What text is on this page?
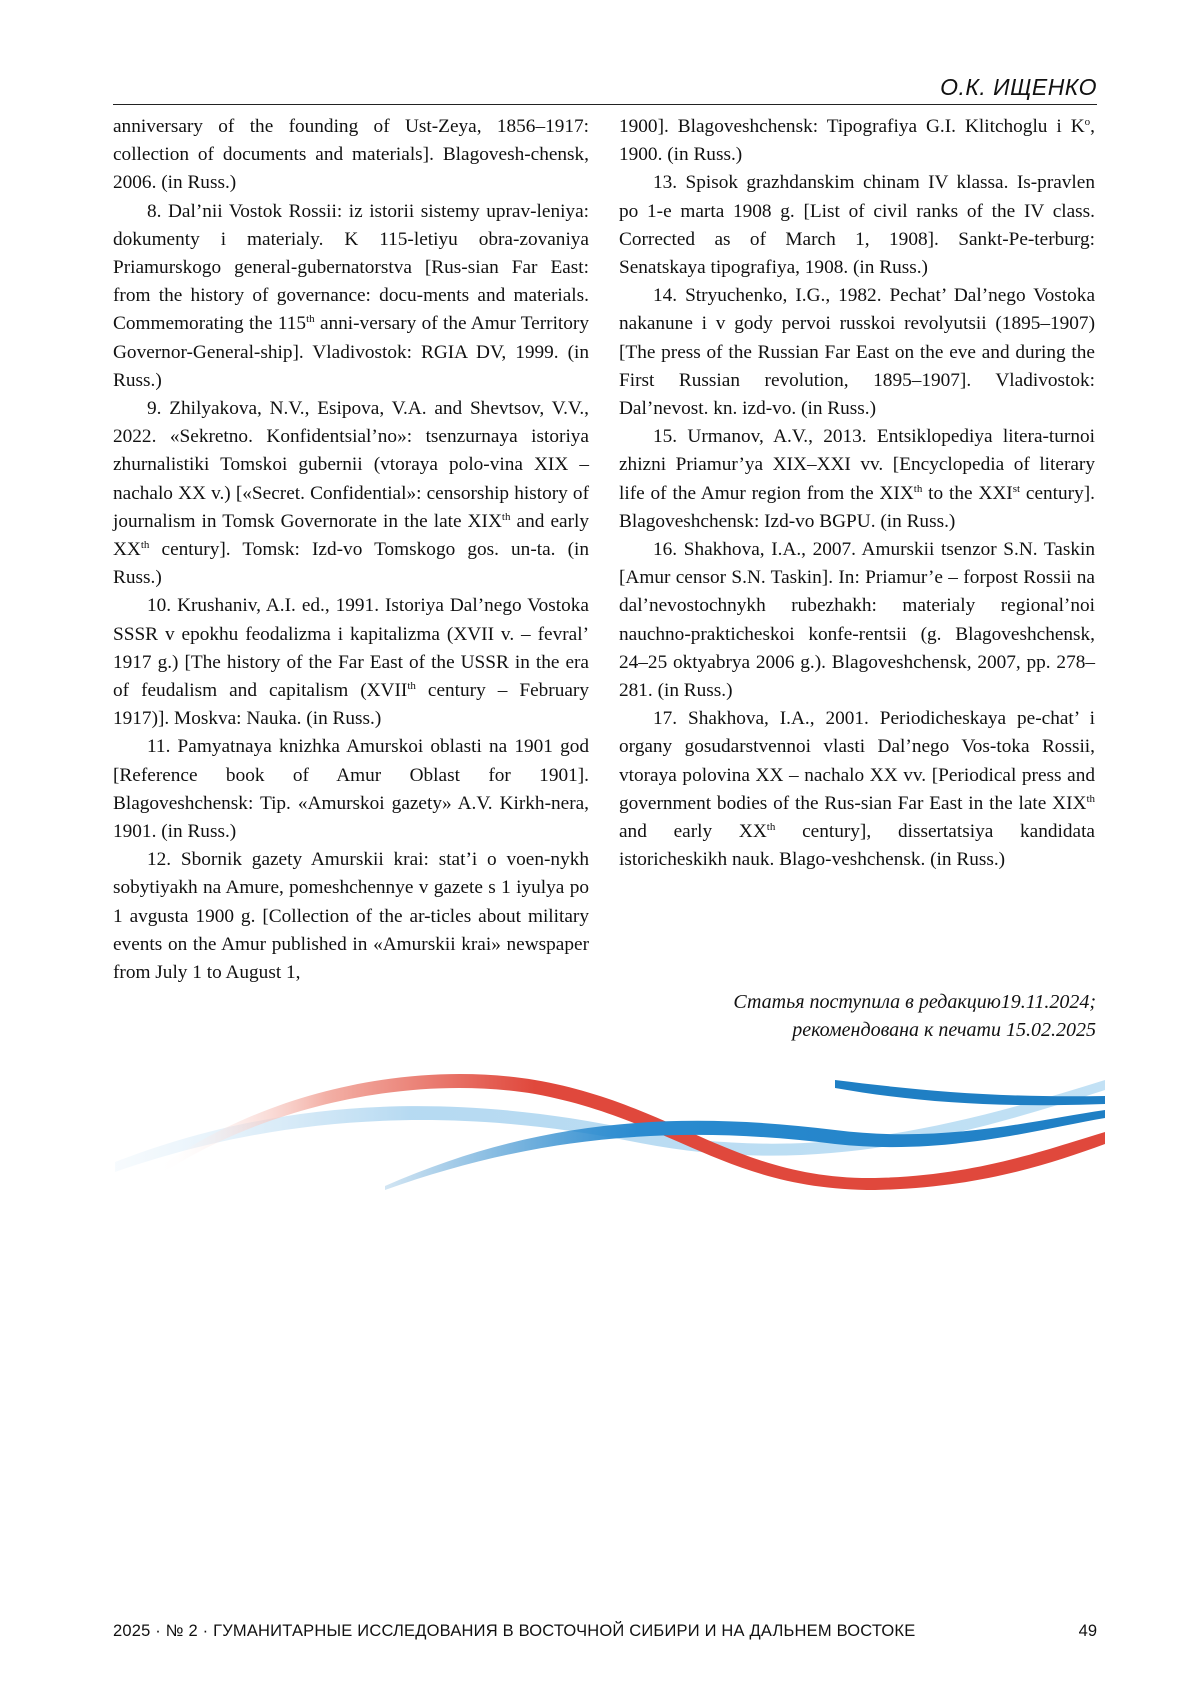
О.К. ИЩЕНКО

anniversary of the founding of Ust-Zeya, 1856–1917: collection of documents and materials]. Blagovesh-chensk, 2006. (in Russ.)

8. Dal’nii Vostok Rossii: iz istorii sistemy uprav-leniya: dokumenty i materialy. K 115-letiyu obra-zovaniya Priamurskogo general-gubernatorstva [Rus-sian Far East: from the history of governance: docu-ments and materials. Commemorating the 115th anni-versary of the Amur Territory Governor-General-ship]. Vladivostok: RGIA DV, 1999. (in Russ.)

9. Zhilyakova, N.V., Esipova, V.A. and Shevtsov, V.V., 2022. «Sekretno. Konfidentsial’no»: tsenzurnaya istoriya zhurnalistiki Tomskoi gubernii (vtoraya polo-vina XIX – nachalo XX v.) [«Secret. Confidential»: censorship history of journalism in Tomsk Governorate in the late XIXth and early XXth century]. Tomsk: Izd-vo Tomskogo gos. un-ta. (in Russ.)

10. Krushaniv, A.I. ed., 1991. Istoriya Dal’nego Vostoka SSSR v epokhu feodalizma i kapitalizma (XVII v. – fevral’ 1917 g.) [The history of the Far East of the USSR in the era of feudalism and capitalism (XVIIth century – February 1917)]. Moskva: Nauka. (in Russ.)

11. Pamyatnaya knizhka Amurskoi oblasti na 1901 god [Reference book of Amur Oblast for 1901]. Blagoveshchensk: Tip. «Amurskoi gazety» A.V. Kirkh-nera, 1901. (in Russ.)

12. Sbornik gazety Amurskii krai: stat’i o voen-nykh sobytiyakh na Amure, pomeshchennye v gazete s 1 iyulya po 1 avgusta 1900 g. [Collection of the ar-ticles about military events on the Amur published in «Amurskii krai» newspaper from July 1 to August 1,

1900]. Blagoveshchensk: Tipografiya G.I. Klitchoglu i $K^o$, 1900. (in Russ.)

13. Spisok grazhdanskim chinam IV klassa. Is-pravlen po 1-e marta 1908 g. [List of civil ranks of the IV class. Corrected as of March 1, 1908]. Sankt-Pe-terburg: Senatskaya tipografiya, 1908. (in Russ.)

14. Stryuchenko, I.G., 1982. Pechat’ Dal’nego Vostoka nakanune i v gody pervoi russkoi revolyutsii (1895–1907) [The press of the Russian Far East on the eve and during the First Russian revolution, 1895–1907]. Vladivostok: Dal’nevost. kn. izd-vo. (in Russ.)

15. Urmanov, A.V., 2013. Entsiklopediya litera-turnoi zhizni Priamur’ya XIX–XXI vv. [Encyclopedia of literary life of the Amur region from the XIXth to the XXIst century]. Blagoveshchensk: Izd-vo BGPU. (in Russ.)

16. Shakhova, I.A., 2007. Amurskii tsenzor S.N. Taskin [Amur censor S.N. Taskin]. In: Priamur’e – forpost Rossii na dal’nevostochnykh rubezhakh: materialy regional’noi nauchno-prakticheskoi konfe-rentsii (g. Blagoveshchensk, 24–25 oktyabrya 2006 g.). Blagoveshchensk, 2007, pp. 278–281. (in Russ.)

17. Shakhova, I.A., 2001. Periodicheskaya pe-chat’ i organy gosudarstvennoi vlasti Dal’nego Vos-toka Rossii, vtoraya polovina XX – nachalo XX vv. [Periodical press and government bodies of the Rus-sian Far East in the late XIXth and early XXth century], dissertatsiya kandidata istoricheskikh nauk. Blago-veshchensk. (in Russ.)

Статья поступила в редакцию19.11.2024;
рекомендована к печати 15.02.2025
2025 · № 2 · ГУМАНИТАРНЫЕ ИССЛЕДОВАНИЯ В ВОСТОЧНОЙ СИБИРИ И НА ДАЛЬНЕМ ВОСТОКЕ	49
